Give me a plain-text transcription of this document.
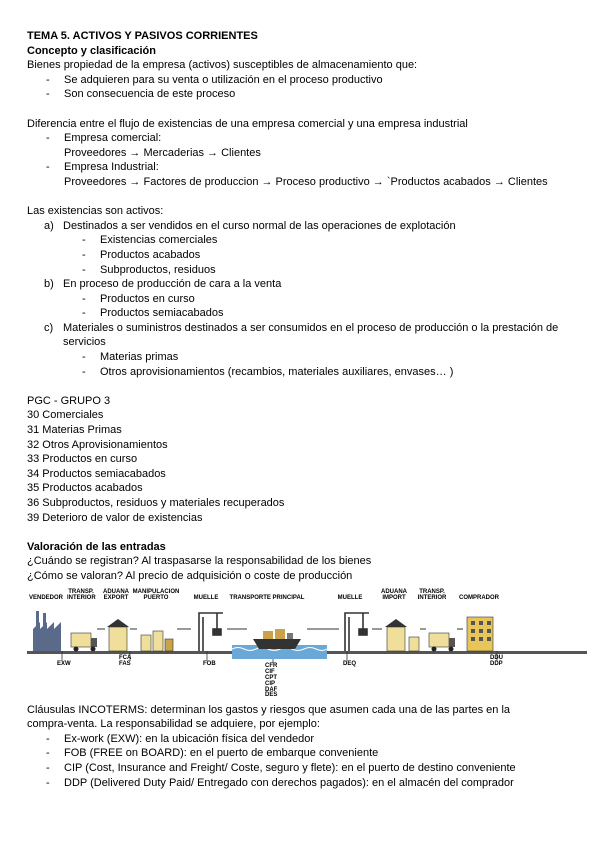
TEMA 5. ACTIVOS Y PASIVOS CORRIENTES
Concepto y clasificación
Bienes propiedad de la empresa (activos) susceptibles de almacenamiento que:
-	Se adquieren para su venta o utilización en el proceso productivo
-	Son consecuencia de este proceso
Diferencia entre el flujo de existencias de una empresa comercial y una empresa industrial
-	Empresa comercial:
Proveedores → Mercaderias → Clientes
-	Empresa Industrial:
Proveedores → Factores de produccion → Proceso productivo → `Productos acabados → Clientes
Las existencias son activos:
a) Destinados a ser vendidos en el curso normal de las operaciones de explotación
-	Existencias comerciales
-	Productos acabados
-	Subproductos, residuos
b) En proceso de producción de cara a la venta
-	Productos en curso
-	Productos semiacabados
c) Materiales o suministros destinados a ser consumidos en el proceso de producción o la prestación de
servicios
-	Materias primas
-	Otros aprovisionamientos (recambios, materiales auxiliares, envases… )
PGC - GRUPO 3
30 Comerciales
31 Materias Primas
32 Otros Aprovisionamientos
33 Productos en curso
34 Productos semiacabados
35 Productos acabados
36 Subproductos, residuos y materiales recuperados
39 Deterioro de valor de existencias
Valoración de las entradas
¿Cuándo se registran? Al traspasarse la responsabilidad de los bienes
¿Cómo se valoran? Al precio de adquisición o coste de producción
VENDEDOR
TRANSP. INTERIOR
ADUANA EXPORT
MANIPULACION PUERTO	MUELLE	TRANSPORTE PRINCIPAL	MUELLE
ADUANA IMPORT
TRANSP. INTERIOR	COMPRADOR
EXW
FCA
FAS	FOB	CFR
CIF
CPT
CIP
DAF
DES
DEQ
DDU
DDP
Cláusulas INCOTERMS: determinan los gastos y riesgos que asumen cada una de las partes en la
compra-venta. La responsabilidad se adquiere, por ejemplo:
-	Ex-work (EXW): en la ubicación física del vendedor
-	FOB (FREE on BOARD): en el puerto de embarque conveniente
-	CIP (Cost, Insurance and Freight/ Coste, seguro y flete): en el puerto de destino conveniente
-	DDP (Delivered Duty Paid/ Entregado con derechos pagados): en el almacén del comprador
